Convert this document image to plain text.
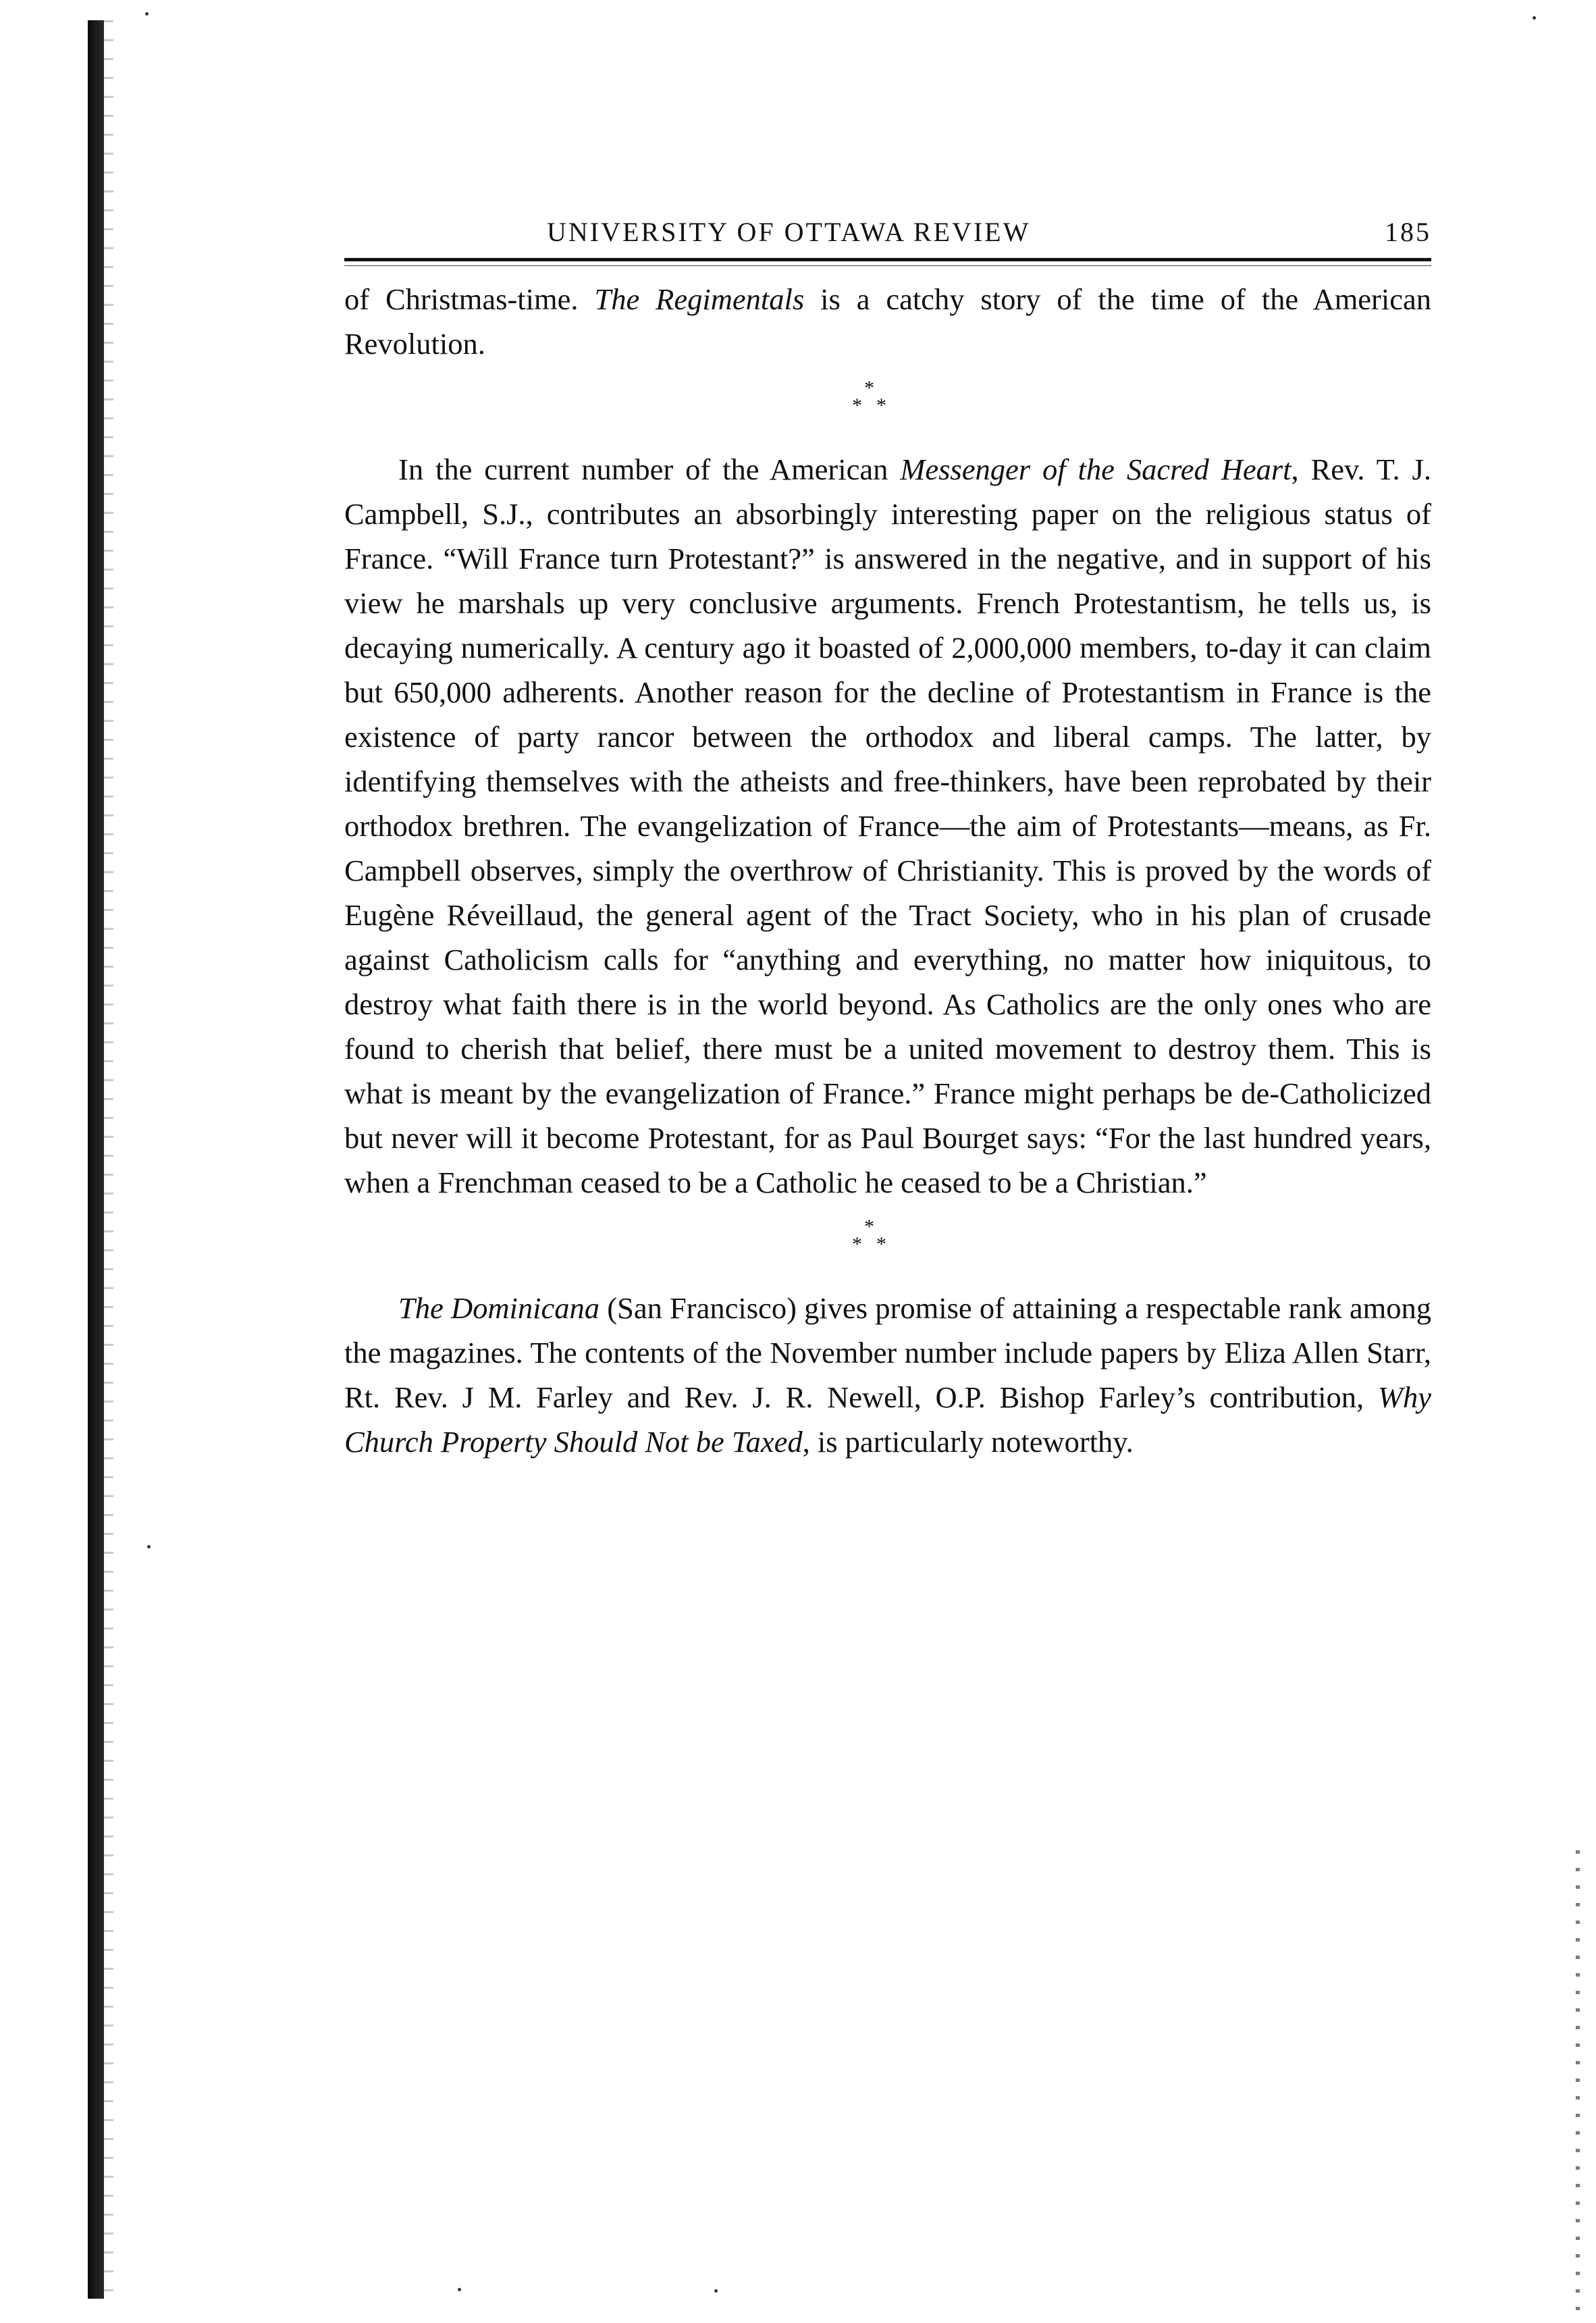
UNIVERSITY OF OTTAWA REVIEW	185

of Christmas-time. The Regimentals is a catchy story of the time of the American Revolution.

*
* *

In the current number of the American Messenger of the Sacred Heart, Rev. T. J. Campbell, S.J., contributes an absorbingly interesting paper on the religious status of France. “Will France turn Protestant?” is answered in the negative, and in support of his view he marshals up very conclusive arguments. French Protestantism, he tells us, is decaying numerically. A century ago it boasted of 2,000,000 members, to-day it can claim but 650,000 adherents. Another reason for the decline of Protestantism in France is the existence of party rancor between the orthodox and liberal camps. The latter, by identifying themselves with the atheists and free-thinkers, have been reprobated by their orthodox brethren. The evangelization of France—the aim of Protestants—means, as Fr. Campbell observes, simply the overthrow of Christianity. This is proved by the words of Eugène Réveillaud, the general agent of the Tract Society, who in his plan of crusade against Catholicism calls for “anything and everything, no matter how iniquitous, to destroy what faith there is in the world beyond. As Catholics are the only ones who are found to cherish that belief, there must be a united movement to destroy them. This is what is meant by the evangelization of France.” France might perhaps be de-Catholicized but never will it become Protestant, for as Paul Bourget says: “For the last hundred years, when a Frenchman ceased to be a Catholic he ceased to be a Christian.”

*
* *

The Dominicana (San Francisco) gives promise of attaining a respectable rank among the magazines. The contents of the November number include papers by Eliza Allen Starr, Rt. Rev. J M. Farley and Rev. J. R. Newell, O.P. Bishop Farley’s contribution, Why Church Property Should Not be Taxed, is particularly noteworthy.
